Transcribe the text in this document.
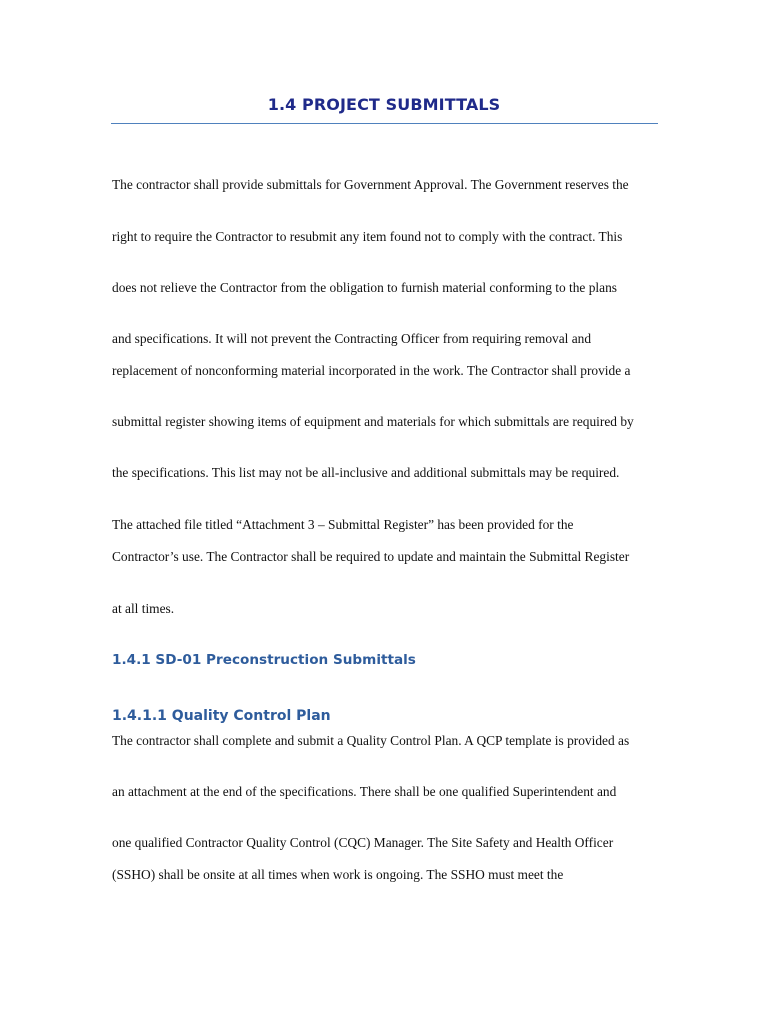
1.4 PROJECT SUBMITTALS

The contractor shall provide submittals for Government Approval. The Government reserves the

right to require the Contractor to resubmit any item found not to comply with the contract. This

does not relieve the Contractor from the obligation to furnish material conforming to the plans

and specifications. It will not prevent the Contracting Officer from requiring removal and

replacement of nonconforming material incorporated in the work. The Contractor shall provide a

submittal register showing items of equipment and materials for which submittals are required by

the specifications. This list may not be all-inclusive and additional submittals may be required.

The attached file titled “Attachment 3 – Submittal Register” has been provided for the

Contractor’s use. The Contractor shall be required to update and maintain the Submittal Register

at all times.

1.4.1 SD-01 Preconstruction Submittals
1.4.1.1 Quality Control Plan

The contractor shall complete and submit a Quality Control Plan. A QCP template is provided as

an attachment at the end of the specifications. There shall be one qualified Superintendent and

one qualified Contractor Quality Control (CQC) Manager. The Site Safety and Health Officer

(SSHO) shall be onsite at all times when work is ongoing. The SSHO must meet the
